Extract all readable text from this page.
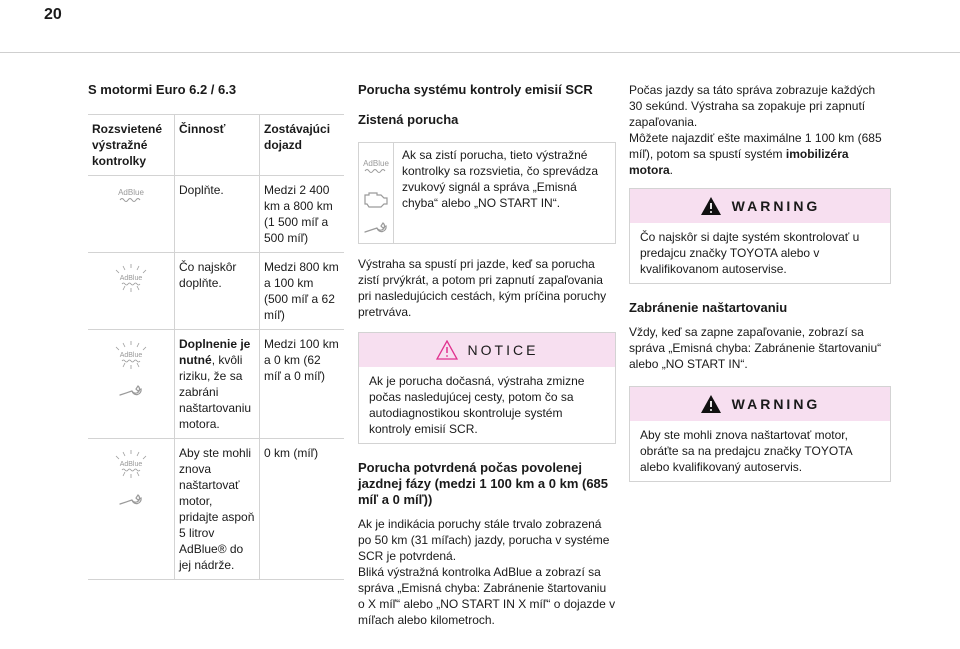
20
S motormi Euro 6.2 / 6.3
Rozsvietené výstražné kontrolky	Činnosť	Zostávajúci dojazd

AdBlue	Doplňte.	Medzi 2 400 km a 800 km (1 500 míľ a 500 míľ)

AdBlue	Čo najskôr doplňte.	Medzi 800 km a 100 km (500 míľ a 62 míľ)

AdBlue	Doplnenie je nutné, kvôli riziku, že sa zabráni naštartovaniu motora.	Medzi 100 km a 0 km (62 míľ a 0 míľ)

AdBlue	Aby ste mohli znova naštartovať motor, pridajte aspoň 5 litrov AdBlue® do jej nádrže.	0 km (míľ)
Porucha systému kontroly emisií SCR
Zistená porucha
AdBlue
Ak sa zistí porucha, tieto výstražné kontrolky sa rozsvietia, čo sprevádza zvukový signál a správa „Emisná chyba“ alebo „NO START IN“.

Výstraha sa spustí pri jazde, keď sa porucha zistí prvýkrát, a potom pri zapnutí zapaľovania pri nasledujúcich cestách, kým príčina poruchy pretrváva.

NOTICE
Ak je porucha dočasná, výstraha zmizne počas nasledujúcej cesty, potom čo sa autodiagnostikou skontroluje systém kontroly emisií SCR.
Porucha potvrdená počas povolenej jazdnej fázy (medzi 1 100 km a 0 km (685 míľ a 0 míľ))

Ak je indikácia poruchy stále trvalo zobrazená po 50 km (31 míľach) jazdy, porucha v systéme SCR je potvrdená.

Bliká výstražná kontrolka AdBlue a zobrazí sa správa „Emisná chyba: Zabránenie štartovaniu o X míľ“ alebo „NO START IN X míľ“ o dojazde v míľach alebo kilometroch.

Počas jazdy sa táto správa zobrazuje každých 30 sekúnd. Výstraha sa zopakuje pri zapnutí zapaľovania.

Môžete najazdiť ešte maximálne 1 100 km (685 míľ), potom sa spustí systém imobilizéra motora.

WARNING
Čo najskôr si dajte systém skontrolovať u predajcu značky TOYOTA alebo v kvalifikovanom autoservise.
Zabránenie naštartovaniu

Vždy, keď sa zapne zapaľovanie, zobrazí sa správa „Emisná chyba: Zabránenie štartovaniu“ alebo „NO START IN“.

WARNING
Aby ste mohli znova naštartovať motor, obráťte sa na predajcu značky TOYOTA alebo kvalifikovaný autoservis.
